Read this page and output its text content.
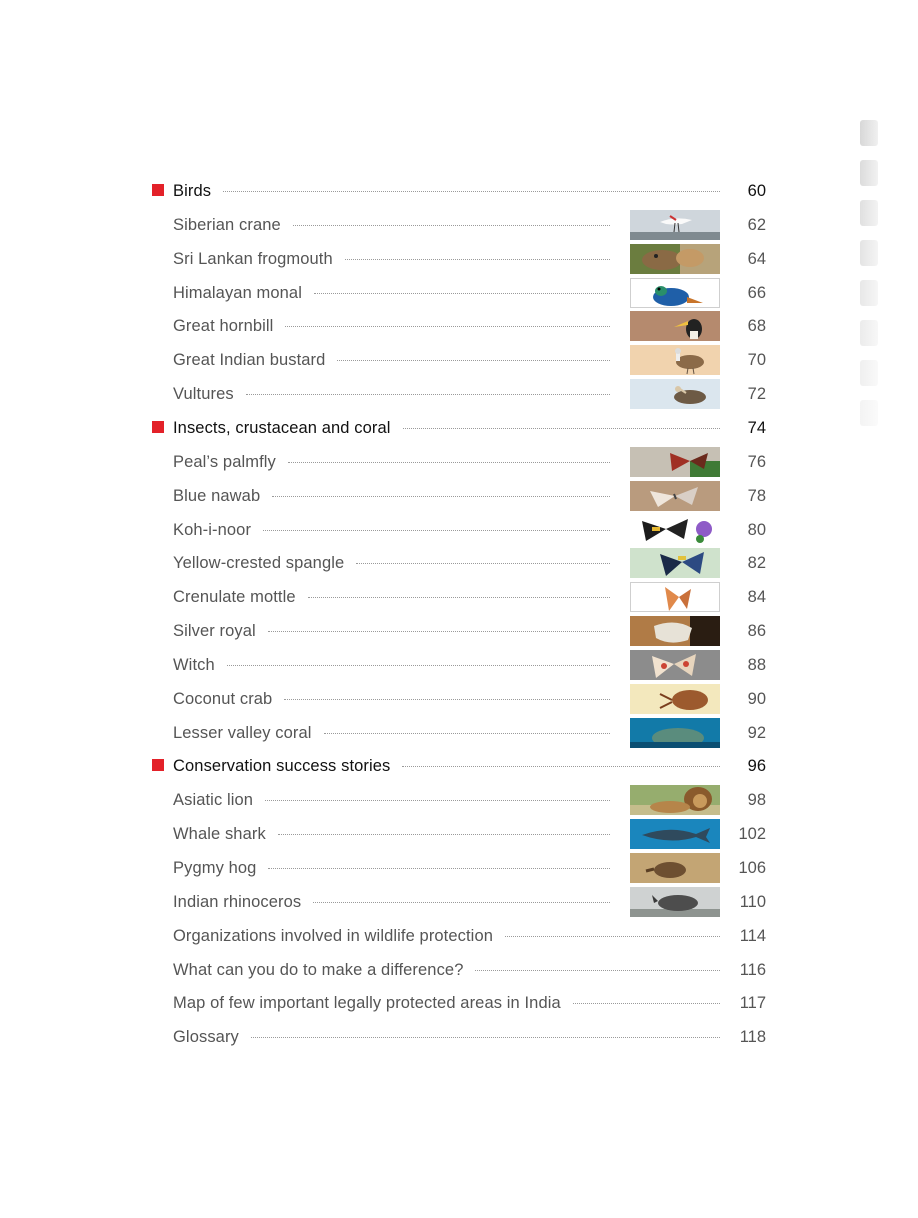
Birds	60
Siberian crane	62
Sri Lankan frogmouth	64
Himalayan monal	66
Great hornbill	68
Great Indian bustard	70
Vultures	72
Insects, crustacean and coral	74
Peal’s palmfly	76
Blue nawab	78
Koh-i-noor	80
Yellow-crested spangle	82
Crenulate mottle	84
Silver royal	86
Witch	88
Coconut crab	90
Lesser valley coral	92
Conservation success stories	96
Asiatic lion	98
Whale shark	102
Pygmy hog	106
Indian rhinoceros	110
Organizations involved in wildlife protection	114
What can you do to make a difference?	116
Map of few important legally protected areas in India	117
Glossary	118
